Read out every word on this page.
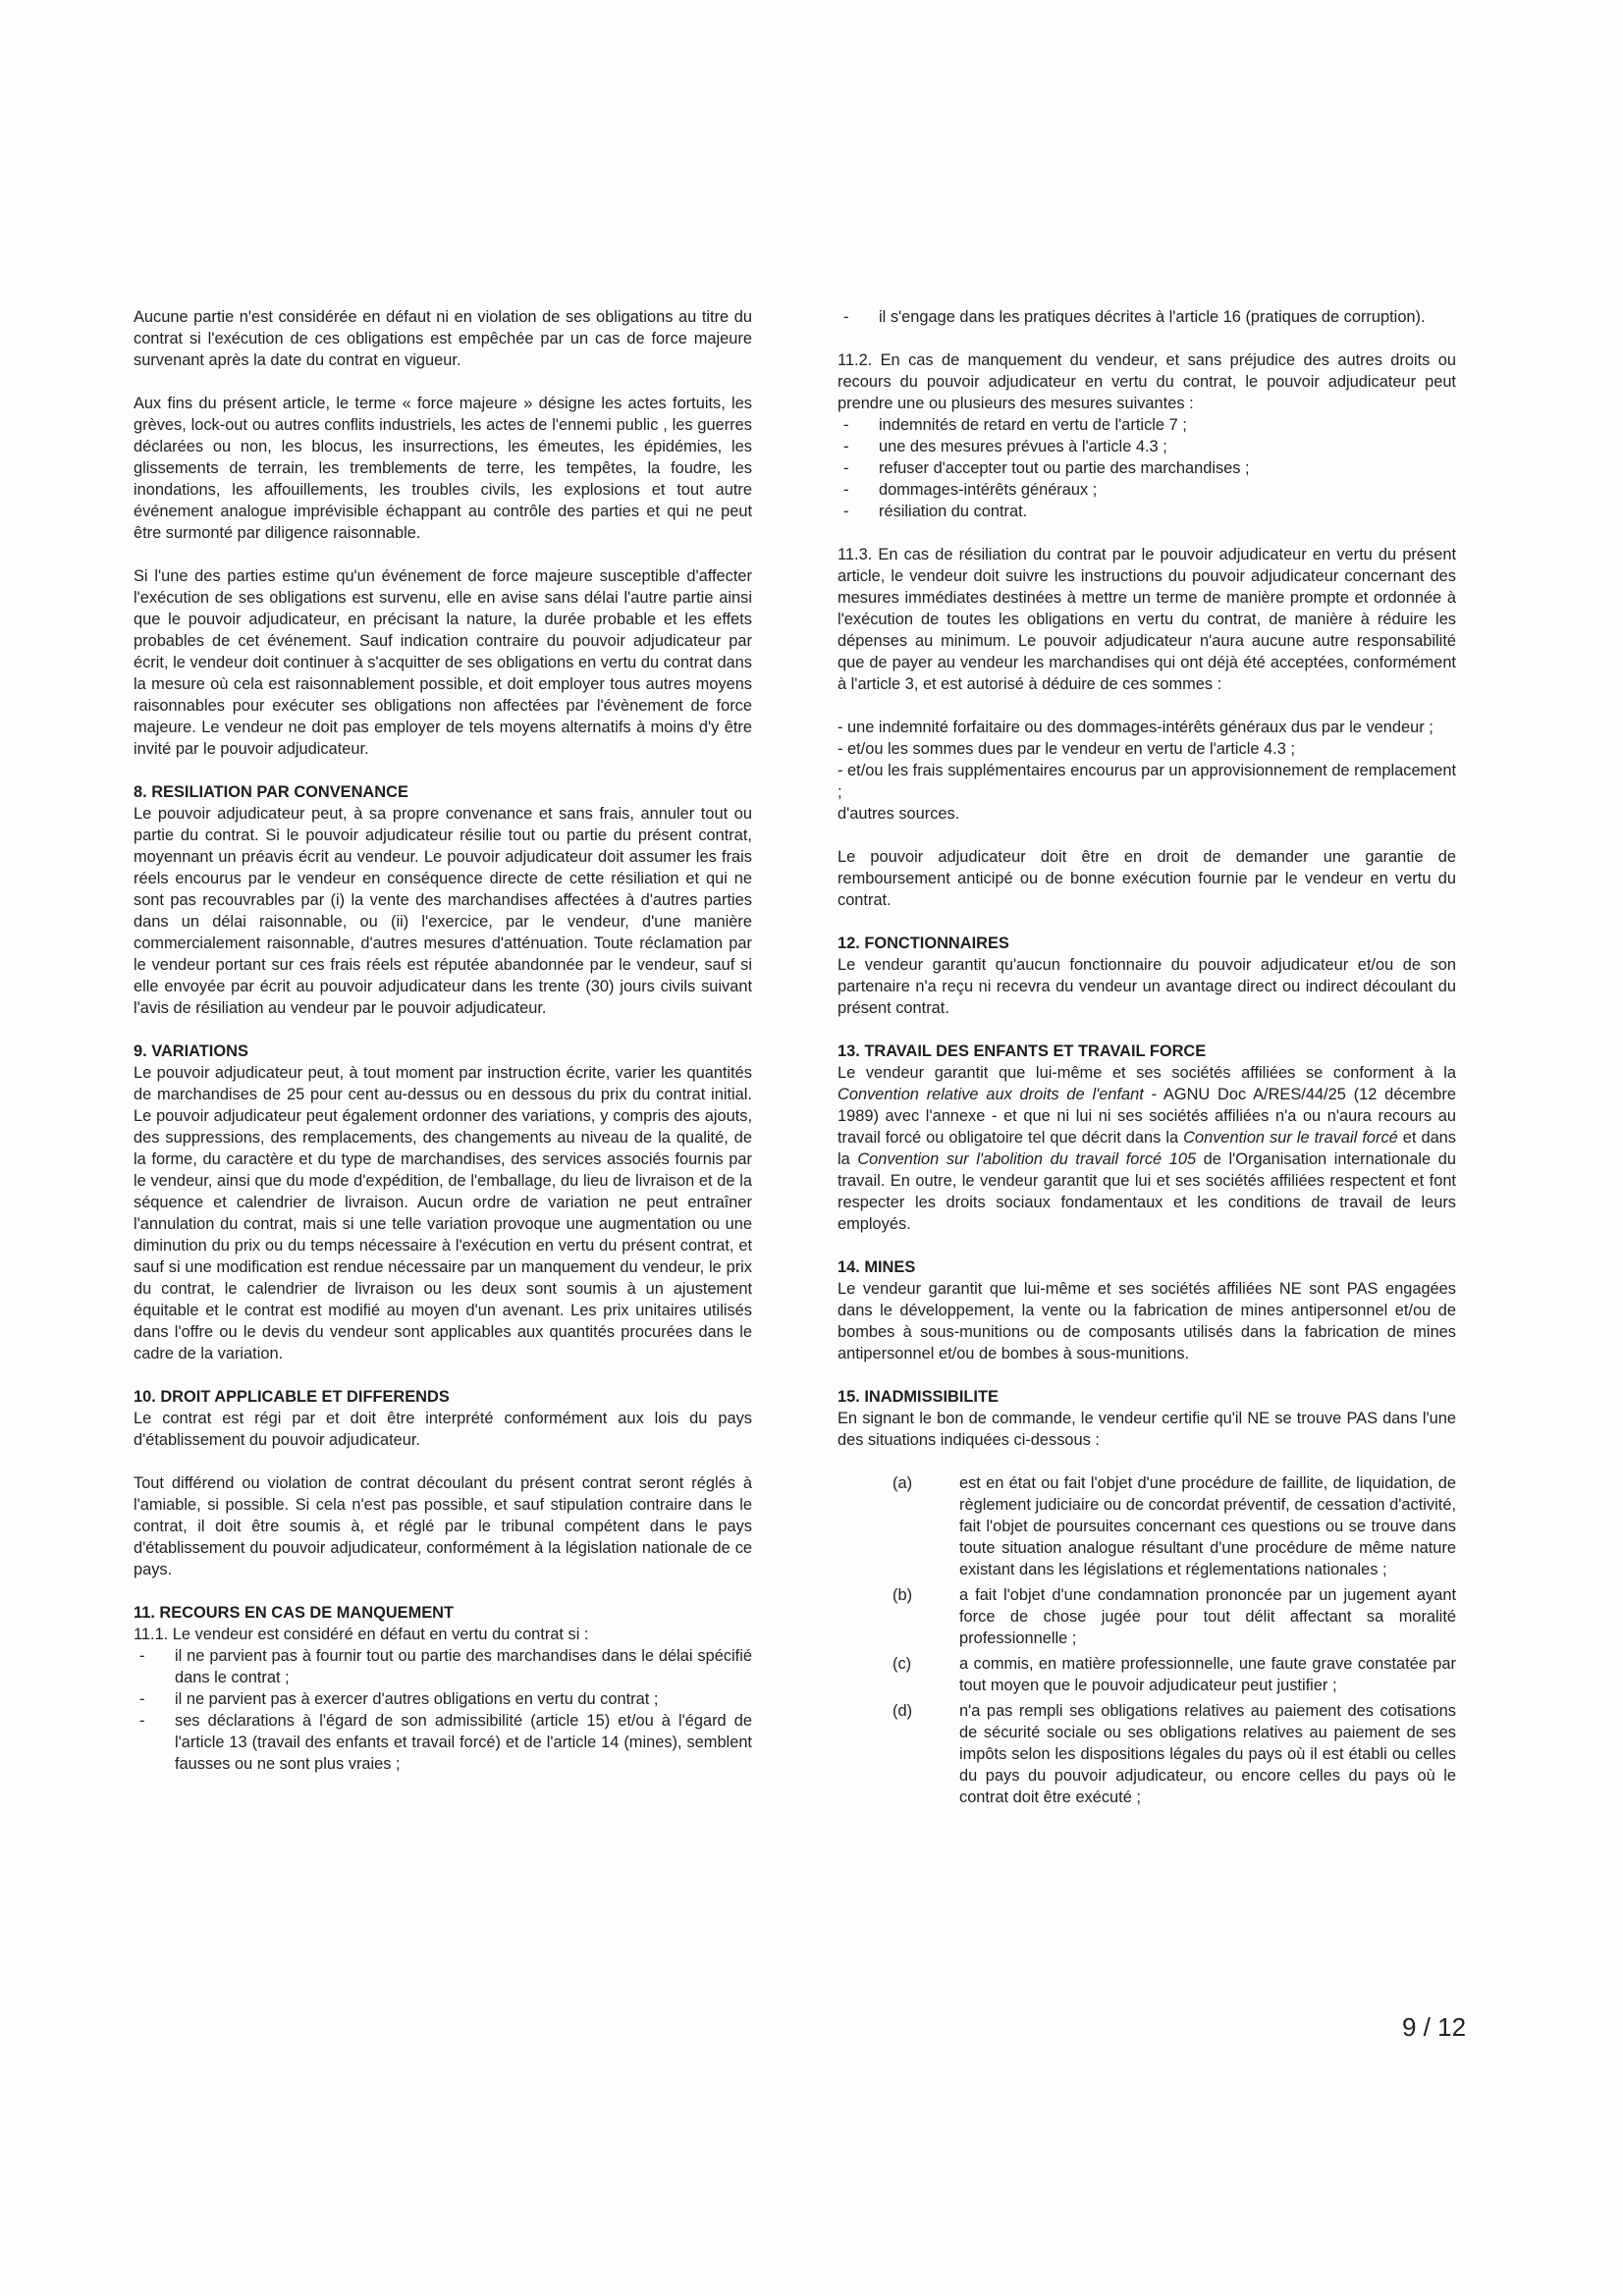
Aucune partie n'est considérée en défaut ni en violation de ses obligations au titre du contrat si l'exécution de ces obligations est empêchée par un cas de force majeure survenant après la date du contrat en vigueur.

Aux fins du présent article, le terme « force majeure » désigne les actes fortuits, les grèves, lock-out ou autres conflits industriels, les actes de l'ennemi public , les guerres déclarées ou non, les blocus, les insurrections, les émeutes, les épidémies, les glissements de terrain, les tremblements de terre, les tempêtes, la foudre, les inondations, les affouillements, les troubles civils, les explosions et tout autre événement analogue imprévisible échappant au contrôle des parties et qui ne peut être surmonté par diligence raisonnable.

Si l'une des parties estime qu'un événement de force majeure susceptible d'affecter l'exécution de ses obligations est survenu, elle en avise sans délai l'autre partie ainsi que le pouvoir adjudicateur, en précisant la nature, la durée probable et les effets probables de cet événement. Sauf indication contraire du pouvoir adjudicateur par écrit, le vendeur doit continuer à s'acquitter de ses obligations en vertu du contrat dans la mesure où cela est raisonnablement possible, et doit employer tous autres moyens raisonnables pour exécuter ses obligations non affectées par l'évènement de force majeure. Le vendeur ne doit pas employer de tels moyens alternatifs à moins d'y être invité par le pouvoir adjudicateur.

8. RESILIATION PAR CONVENANCE

Le pouvoir adjudicateur peut, à sa propre convenance et sans frais, annuler tout ou partie du contrat. Si le pouvoir adjudicateur résilie tout ou partie du présent contrat, moyennant un préavis écrit au vendeur. Le pouvoir adjudicateur doit assumer les frais réels encourus par le vendeur en conséquence directe de cette résiliation et qui ne sont pas recouvrables par (i) la vente des marchandises affectées à d'autres parties dans un délai raisonnable, ou (ii) l'exercice, par le vendeur, d'une manière commercialement raisonnable, d'autres mesures d'atténuation. Toute réclamation par le vendeur portant sur ces frais réels est réputée abandonnée par le vendeur, sauf si elle envoyée par écrit au pouvoir adjudicateur dans les trente (30) jours civils suivant l'avis de résiliation au vendeur par le pouvoir adjudicateur.

9. VARIATIONS

Le pouvoir adjudicateur peut, à tout moment par instruction écrite, varier les quantités de marchandises de 25 pour cent au-dessus ou en dessous du prix du contrat initial. Le pouvoir adjudicateur peut également ordonner des variations, y compris des ajouts, des suppressions, des remplacements, des changements au niveau de la qualité, de la forme, du caractère et du type de marchandises, des services associés fournis par le vendeur, ainsi que du mode d'expédition, de l'emballage, du lieu de livraison et de la séquence et calendrier de livraison. Aucun ordre de variation ne peut entraîner l'annulation du contrat, mais si une telle variation provoque une augmentation ou une diminution du prix ou du temps nécessaire à l'exécution en vertu du présent contrat, et sauf si une modification est rendue nécessaire par un manquement du vendeur, le prix du contrat, le calendrier de livraison ou les deux sont soumis à un ajustement équitable et le contrat est modifié au moyen d'un avenant. Les prix unitaires utilisés dans l'offre ou le devis du vendeur sont applicables aux quantités procurées dans le cadre de la variation.

10. DROIT APPLICABLE ET DIFFERENDS

Le contrat est régi par et doit être interprété conformément aux lois du pays d'établissement du pouvoir adjudicateur.

Tout différend ou violation de contrat découlant du présent contrat seront réglés à l'amiable, si possible. Si cela n'est pas possible, et sauf stipulation contraire dans le contrat, il doit être soumis à, et réglé par le tribunal compétent dans le pays d'établissement du pouvoir adjudicateur, conformément à la législation nationale de ce pays.

11. RECOURS EN CAS DE MANQUEMENT

11.1. Le vendeur est considéré en défaut en vertu du contrat si :

-	il ne parvient pas à fournir tout ou partie des marchandises dans le délai spécifié dans le contrat ;
-	il ne parvient pas à exercer d'autres obligations en vertu du contrat ;
-	ses déclarations à l'égard de son admissibilité (article 15) et/ou à l'égard de l'article 13 (travail des enfants et travail forcé) et de l'article 14 (mines), semblent fausses ou ne sont plus vraies ;
-	il s'engage dans les pratiques décrites à l'article 16 (pratiques de corruption).

11.2. En cas de manquement du vendeur, et sans préjudice des autres droits ou recours du pouvoir adjudicateur en vertu du contrat, le pouvoir adjudicateur peut prendre une ou plusieurs des mesures suivantes :

-	indemnités de retard en vertu de l'article 7 ;
-	une des mesures prévues à l'article 4.3 ;
-	refuser d'accepter tout ou partie des marchandises ;
-	dommages-intérêts généraux ;
-	résiliation du contrat.

11.3. En cas de résiliation du contrat par le pouvoir adjudicateur en vertu du présent article, le vendeur doit suivre les instructions du pouvoir adjudicateur concernant des mesures immédiates destinées à mettre un terme de manière prompte et ordonnée à l'exécution de toutes les obligations en vertu du contrat, de manière à réduire les dépenses au minimum. Le pouvoir adjudicateur n'aura aucune autre responsabilité que de payer au vendeur les marchandises qui ont déjà été acceptées, conformément à l'article 3, et est autorisé à déduire de ces sommes :

- une indemnité forfaitaire ou des dommages-intérêts généraux dus par le vendeur ;

- et/ou les sommes dues par le vendeur en vertu de l'article 4.3 ;

- et/ou les frais supplémentaires encourus par un approvisionnement de remplacement ;

d'autres sources.

Le pouvoir adjudicateur doit être en droit de demander une garantie de remboursement anticipé ou de bonne exécution fournie par le vendeur en vertu du contrat.

12. FONCTIONNAIRES

Le vendeur garantit qu'aucun fonctionnaire du pouvoir adjudicateur et/ou de son partenaire n'a reçu ni recevra du vendeur un avantage direct ou indirect découlant du présent contrat.

13. TRAVAIL DES ENFANTS ET TRAVAIL FORCE

Le vendeur garantit que lui-même et ses sociétés affiliées se conforment à la Convention relative aux droits de l'enfant - AGNU Doc A/RES/44/25 (12 décembre 1989) avec l'annexe - et que ni lui ni ses sociétés affiliées n'a ou n'aura recours au travail forcé ou obligatoire tel que décrit dans la Convention sur le travail forcé et dans la Convention sur l'abolition du travail forcé 105 de l'Organisation internationale du travail. En outre, le vendeur garantit que lui et ses sociétés affiliées respectent et font respecter les droits sociaux fondamentaux et les conditions de travail de leurs employés.

14. MINES

Le vendeur garantit que lui-même et ses sociétés affiliées NE sont PAS engagées dans le développement, la vente ou la fabrication de mines antipersonnel et/ou de bombes à sous-munitions ou de composants utilisés dans la fabrication de mines antipersonnel et/ou de bombes à sous-munitions.

15. INADMISSIBILITE

En signant le bon de commande, le vendeur certifie qu'il NE se trouve PAS dans l'une des situations indiquées ci-dessous :

(a)	est en état ou fait l'objet d'une procédure de faillite, de liquidation, de règlement judiciaire ou de concordat préventif, de cessation d'activité, fait l'objet de poursuites concernant ces questions ou se trouve dans toute situation analogue résultant d'une procédure de même nature existant dans les législations et réglementations nationales ;
(b)	a fait l'objet d'une condamnation prononcée par un jugement ayant force de chose jugée pour tout délit affectant sa moralité professionnelle ;
(c)	a commis, en matière professionnelle, une faute grave constatée par tout moyen que le pouvoir adjudicateur peut justifier ;
(d)	n'a pas rempli ses obligations relatives au paiement des cotisations de sécurité sociale ou ses obligations relatives au paiement de ses impôts selon les dispositions légales du pays où il est établi ou celles du pays du pouvoir adjudicateur, ou encore celles du pays où le contrat doit être exécuté ;
9 / 12
